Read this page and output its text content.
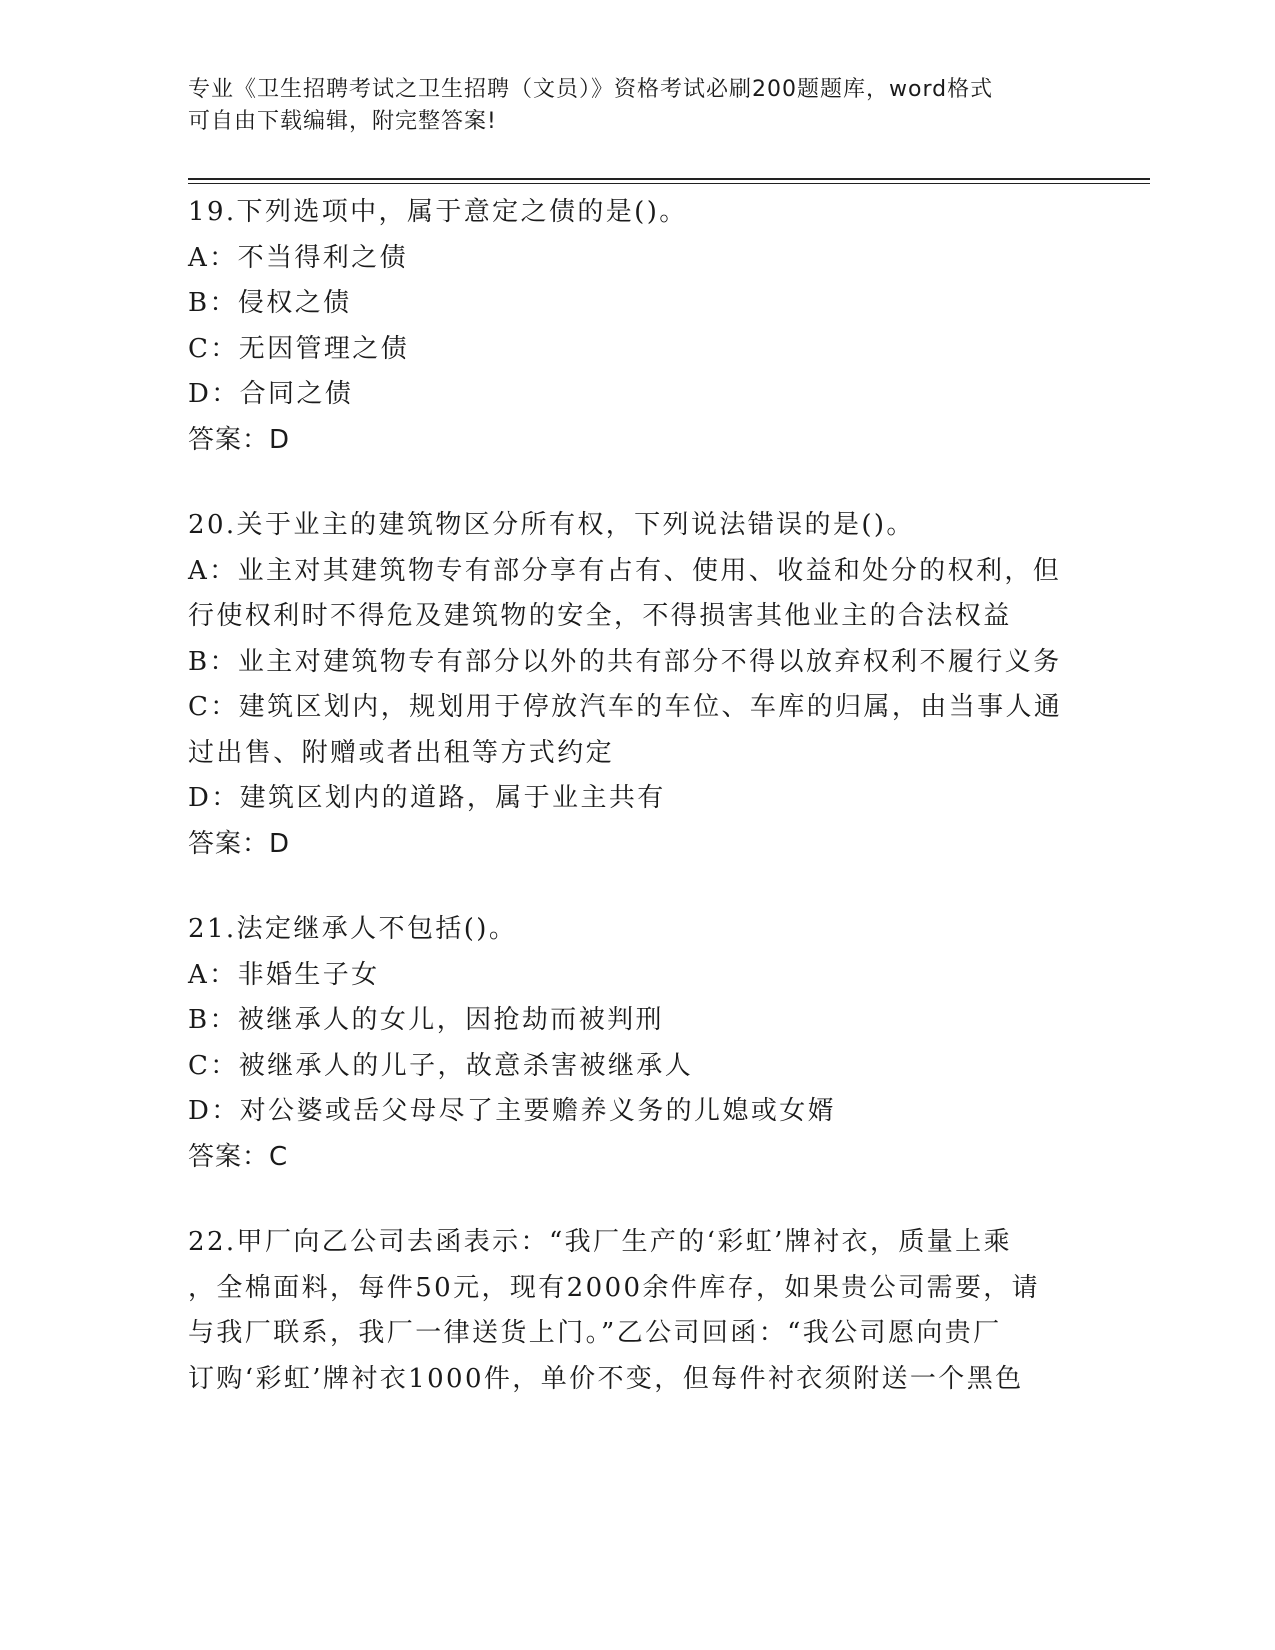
专业《卫生招聘考试之卫生招聘（文员）》资格考试必刷200题题库，word格式
可自由下载编辑，附完整答案!
19.下列选项中，属于意定之债的是()。
A：不当得利之债
B：侵权之债
C：无因管理之债
D：合同之债
答案：D
20.关于业主的建筑物区分所有权，下列说法错误的是()。
A：业主对其建筑物专有部分享有占有、使用、收益和处分的权利，但
行使权利时不得危及建筑物的安全，不得损害其他业主的合法权益
B：业主对建筑物专有部分以外的共有部分不得以放弃权利不履行义务
C：建筑区划内，规划用于停放汽车的车位、车库的归属，由当事人通
过出售、附赠或者出租等方式约定
D：建筑区划内的道路，属于业主共有
答案：D
21.法定继承人不包括()。
A：非婚生子女
B：被继承人的女儿，因抢劫而被判刑
C：被继承人的儿子，故意杀害被继承人
D：对公婆或岳父母尽了主要赡养义务的儿媳或女婿
答案：C
22.甲厂向乙公司去函表示：“我厂生产的‘彩虹’牌衬衣，质量上乘
，全棉面料，每件50元，现有2000余件库存，如果贵公司需要，请
与我厂联系，我厂一律送货上门。”乙公司回函：“我公司愿向贵厂
订购‘彩虹’牌衬衣1000件，单价不变，但每件衬衣须附送一个黑色
